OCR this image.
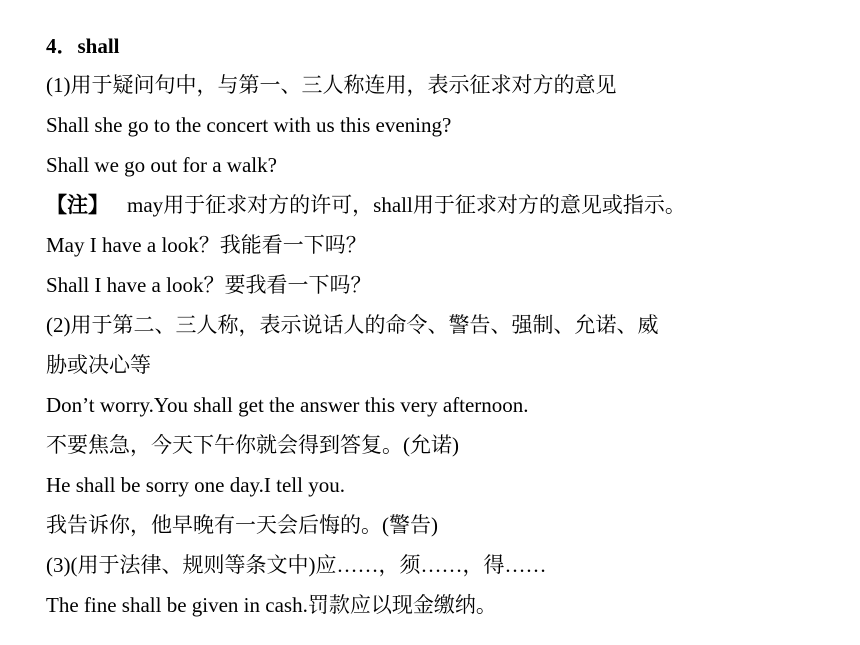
4．shall
(1)用于疑问句中，与第一、三人称连用，表示征求对方的意见
Shall she go to the concert with us this evening?
Shall we go out for a walk?
【注】 may用于征求对方的许可，shall用于征求对方的意见或指示。
May I have a look？我能看一下吗？
Shall I have a look？要我看一下吗？
(2)用于第二、三人称，表示说话人的命令、警告、强制、允诺、威
胁或决心等
Don’t worry.You shall get the answer this very afternoon.
不要焦急，今天下午你就会得到答复。(允诺)
He shall be sorry one day.I tell you.
我告诉你，他早晚有一天会后悔的。(警告)
(3)(用于法律、规则等条文中)应……，须……，得……
The fine shall be given in cash.罚款应以现金缴纳。
